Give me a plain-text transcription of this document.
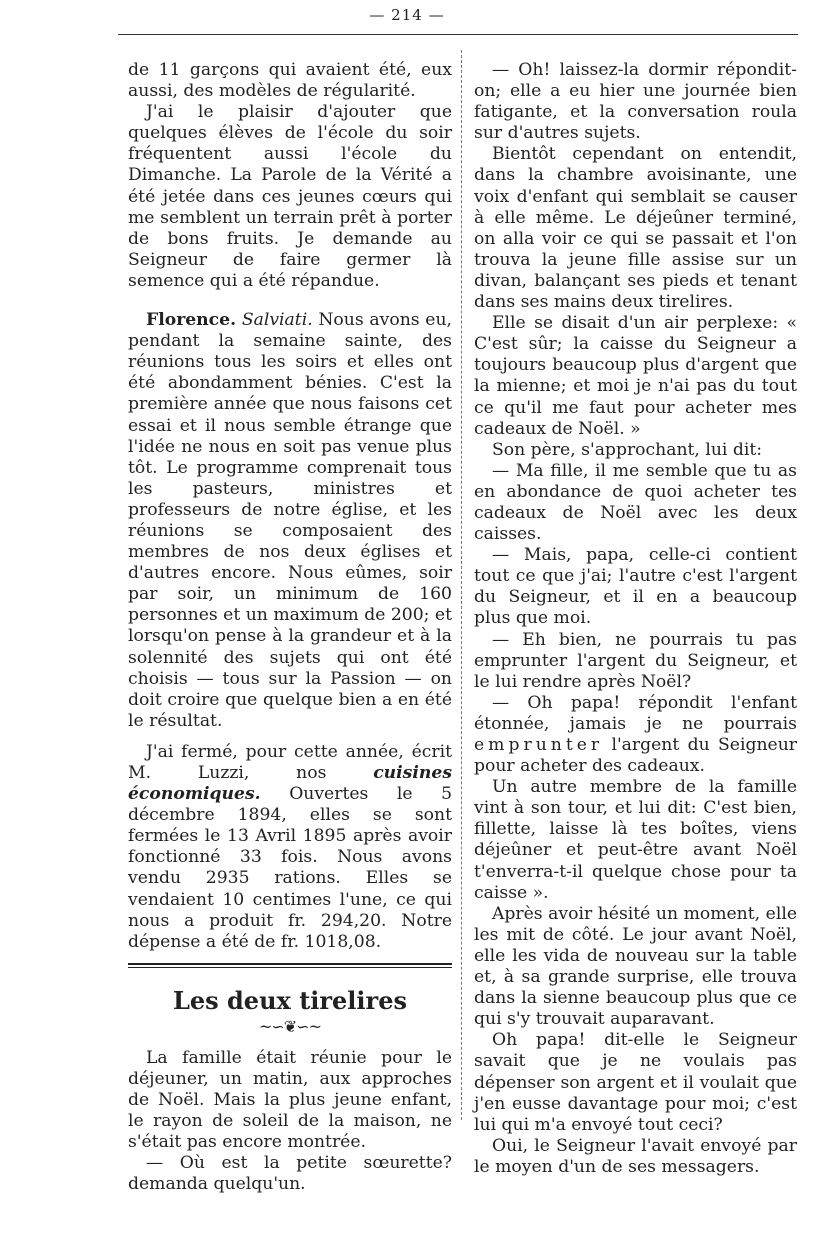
— 214 —

de 11 garçons qui avaient été, eux aussi, des modèles de régularité.

J'ai le plaisir d'ajouter que quelques élèves de l'école du soir fréquentent aussi l'école du Dimanche. La Parole de la Vérité a été jetée dans ces jeunes cœurs qui me semblent un terrain prêt à porter de bons fruits. Je demande au Seigneur de faire germer là semence qui a été répandue.

Florence. Salviati. Nous avons eu, pendant la semaine sainte, des réunions tous les soirs et elles ont été abondamment bénies. C'est la première année que nous faisons cet essai et il nous semble étrange que l'idée ne nous en soit pas venue plus tôt. Le programme comprenait tous les pasteurs, ministres et professeurs de notre église, et les réunions se composaient des membres de nos deux églises et d'autres encore. Nous eûmes, soir par soir, un minimum de 160 personnes et un maximum de 200; et lorsqu'on pense à la grandeur et à la solennité des sujets qui ont été choisis — tous sur la Passion — on doit croire que quelque bien a en été le résultat.

J'ai fermé, pour cette année, écrit M. Luzzi, nos	cuisines économiques. Ouvertes le 5 décembre 1894, elles se sont fermées le 13 Avril 1895 après avoir fonctionné 33 fois. Nous avons vendu 2935 rations. Elles se vendaient 10 centimes l'une, ce qui nous a produit fr. 294,20. Notre dépense a été de fr. 1018,08.

Les deux tirelires
~∽❦∽~

La famille était réunie pour le déjeuner, un matin, aux approches de Noël. Mais la plus jeune enfant, le rayon de soleil de la maison, ne s'était pas encore montrée.

— Où est la petite sœurette? demanda quelqu'un.

— Oh! laissez-la dormir répondit-on; elle a eu hier une journée bien fatigante, et la conversation roula sur d'autres sujets.

Bientôt cependant on entendit, dans la chambre avoisinante, une voix d'enfant qui semblait se causer à elle même. Le déjeûner terminé, on alla voir ce qui se passait et l'on trouva la jeune fille assise sur un divan, balançant ses pieds et tenant dans ses mains deux tirelires.

Elle se disait d'un air perplexe: « C'est sûr; la caisse du Seigneur a toujours beaucoup plus d'argent que la mienne; et moi je n'ai pas du tout ce qu'il me faut pour acheter mes cadeaux de Noël. »

Son père, s'approchant, lui dit:

— Ma fille, il me semble que tu as en abondance de quoi acheter tes cadeaux de Noël avec les deux caisses.

— Mais, papa, celle-ci contient tout ce que j'ai; l'autre c'est l'argent du Seigneur, et il en a beaucoup plus que moi.

— Eh bien, ne pourrais tu pas emprunter l'argent du Seigneur, et le lui rendre après Noël?

— Oh papa! répondit l'enfant étonnée, jamais je ne pourrais emprunter l'argent du Seigneur pour acheter des cadeaux.

Un autre membre de la famille vint à son tour, et lui dit: C'est bien, fillette, laisse là tes boîtes, viens déjeûner et peut-être avant Noël t'enverra-t-il quelque chose pour ta caisse ».

Après avoir hésité un moment, elle les mit de côté. Le jour avant Noël, elle les vida de nouveau sur la table et, à sa grande surprise, elle trouva dans la sienne beaucoup plus que ce qui s'y trouvait auparavant.

Oh papa! dit-elle le Seigneur savait que je ne voulais pas dépenser son argent et il voulait que j'en eusse davantage pour moi; c'est lui qui m'a envoyé tout ceci?

Oui, le Seigneur l'avait envoyé par le moyen d'un de ses messagers.
